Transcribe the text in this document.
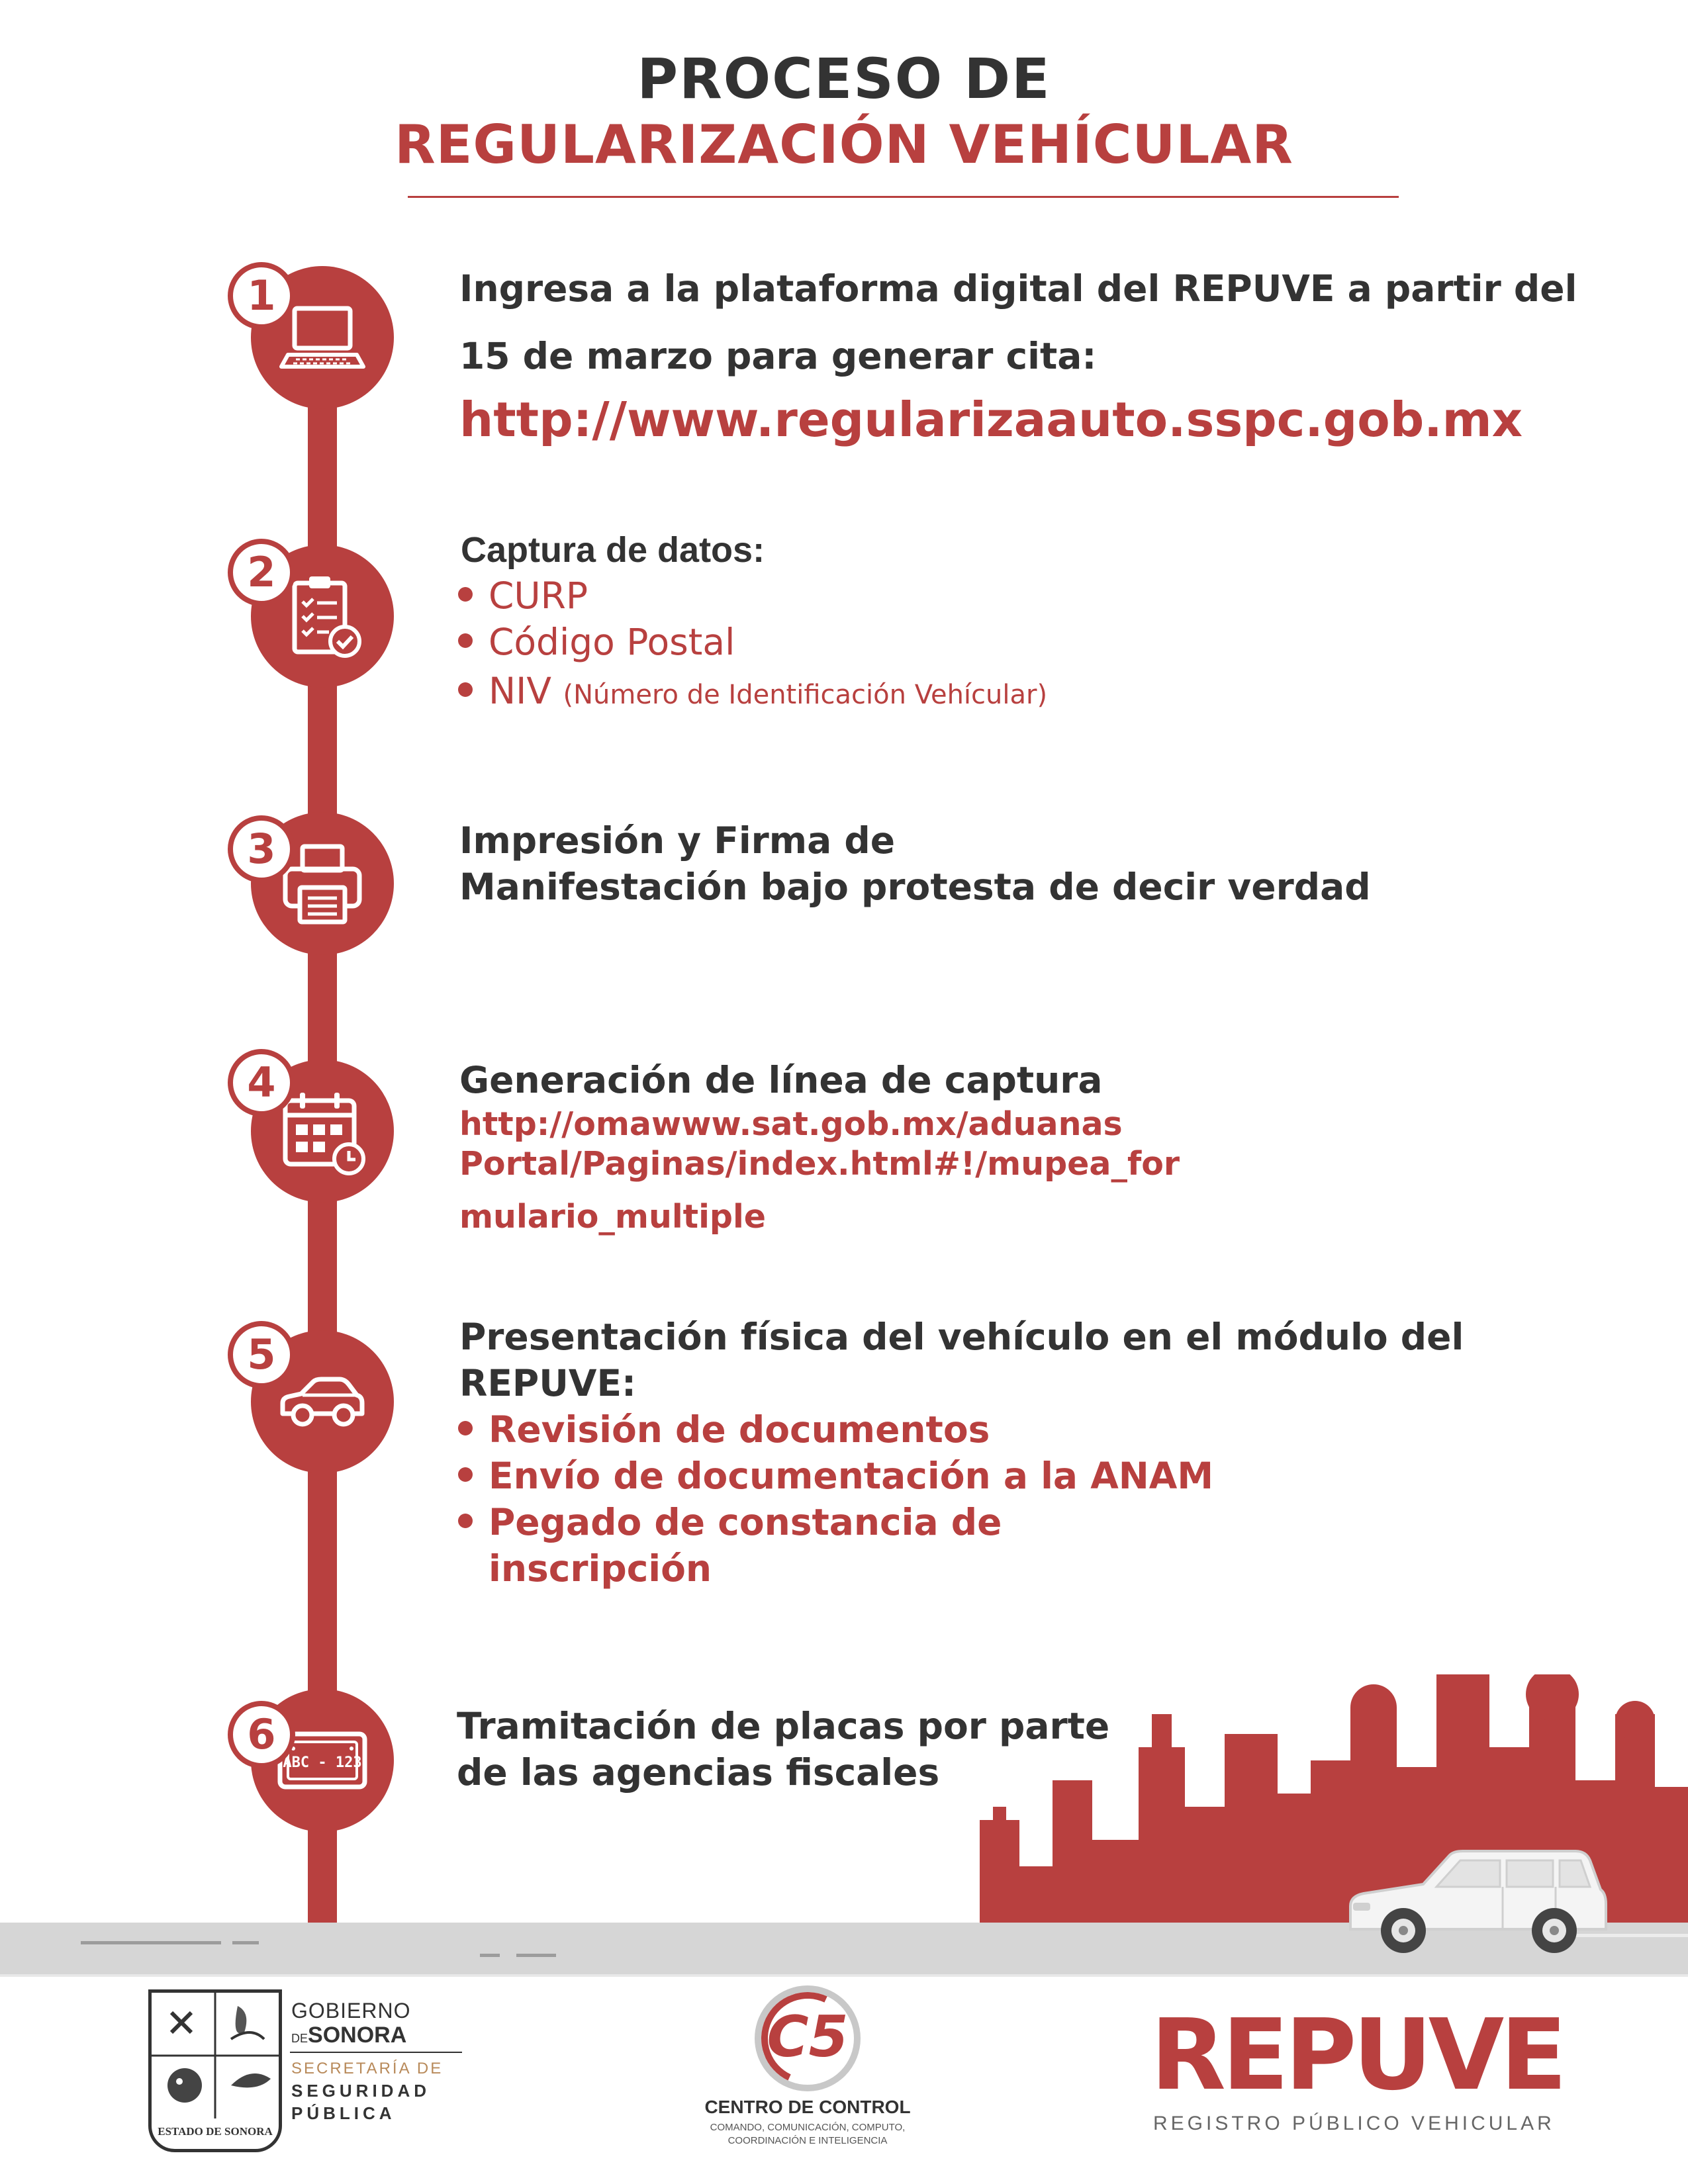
PROCESO DE
REGULARIZACIÓN VEHÍCULAR
1	Ingresa a la plataforma digital del REPUVE a partir del
15 de marzo para generar cita:
http://www.regularizaauto.sspc.gob.mx
2	Captura de datos:
CURP
Código Postal
NIV (Número de Identificación Vehícular)
3	Impresión y Firma de
Manifestación bajo protesta de decir verdad
4	Generación de línea de captura
http://omawww.sat.gob.mx/aduanas
Portal/Paginas/index.html#!/mupea_for
mulario_multiple
5	Presentación física del vehículo en el módulo del
REPUVE:
Revisión de documentos
Envío de documentación a la ANAM
Pegado de constancia de
inscripción
ABC - 123
6	Tramitación de placas por parte
de las agencias fiscales
ESTADO DE SONORA
GOBIERNO
DESONORA
SECRETARÍA DE
SEGURIDAD
PÚBLICA
C5
CENTRO DE CONTROL
COMANDO, COMUNICACIÓN, COMPUTO,
COORDINACIÓN E INTELIGENCIA
REPUVE
REGISTRO PÚBLICO VEHICULAR
